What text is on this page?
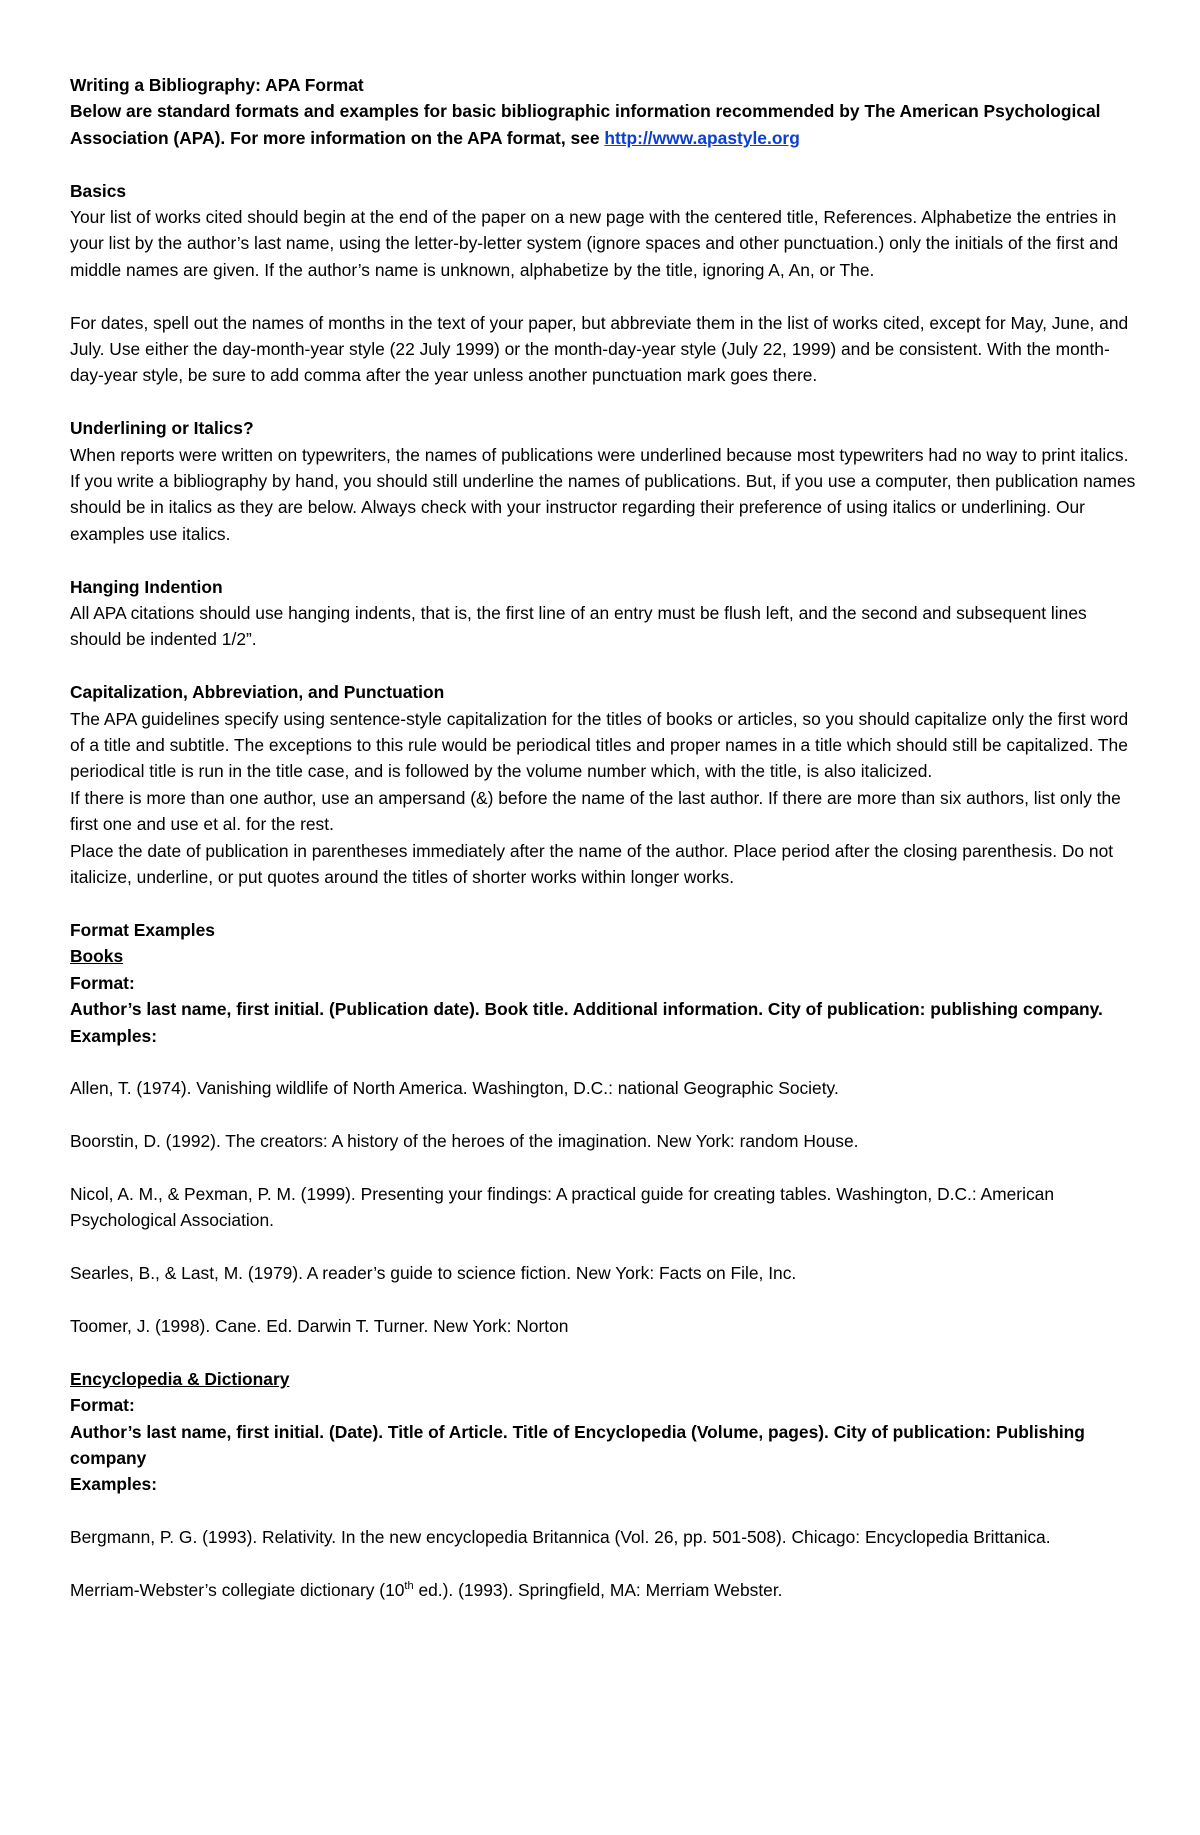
Writing a Bibliography: APA Format

Below are standard formats and examples for basic bibliographic information recommended by The American Psychological Association (APA). For more information on the APA format, see http://www.apastyle.org

Basics

Your list of works cited should begin at the end of the paper on a new page with the centered title, References. Alphabetize the entries in your list by the author’s last name, using the letter-by-letter system (ignore spaces and other punctuation.) only the initials of the first and middle names are given. If the author’s name is unknown, alphabetize by the title, ignoring A, An, or The.

For dates, spell out the names of months in the text of your paper, but abbreviate them in the list of works cited, except for May, June, and July. Use either the day-month-year style (22 July 1999) or the month-day-year style (July 22, 1999) and be consistent. With the month-day-year style, be sure to add comma after the year unless another punctuation mark goes there.

Underlining or Italics?

When reports were written on typewriters, the names of publications were underlined because most typewriters had no way to print italics. If you write a bibliography by hand, you should still underline the names of publications. But, if you use a computer, then publication names should be in italics as they are below. Always check with your instructor regarding their preference of using italics or underlining. Our examples use italics.

Hanging Indention

All APA citations should use hanging indents, that is, the first line of an entry must be flush left, and the second and subsequent lines should be indented 1/2”.

Capitalization, Abbreviation, and Punctuation

The APA guidelines specify using sentence-style capitalization for the titles of books or articles, so you should capitalize only the first word of a title and subtitle. The exceptions to this rule would be periodical titles and proper names in a title which should still be capitalized. The periodical title is run in the title case, and is followed by the volume number which, with the title, is also italicized.

If there is more than one author, use an ampersand (&) before the name of the last author. If there are more than six authors, list only the first one and use et al. for the rest.

Place the date of publication in parentheses immediately after the name of the author. Place period after the closing parenthesis. Do not italicize, underline, or put quotes around the titles of shorter works within longer works.

Format Examples

Books

Format:

Author’s last name, first initial. (Publication date). Book title. Additional information. City of publication: publishing company.

Examples:

Allen, T. (1974). Vanishing wildlife of North America. Washington, D.C.: national Geographic Society.

Boorstin, D. (1992). The creators: A history of the heroes of the imagination. New York: random House.

Nicol, A. M., & Pexman, P. M. (1999). Presenting your findings: A practical guide for creating tables. Washington, D.C.: American Psychological Association.

Searles, B., & Last, M. (1979). A reader’s guide to science fiction. New York: Facts on File, Inc.

Toomer, J. (1998). Cane. Ed. Darwin T. Turner. New York: Norton

Encyclopedia & Dictionary

Format:

Author’s last name, first initial. (Date). Title of Article. Title of Encyclopedia (Volume, pages). City of publication: Publishing company

Examples:

Bergmann, P. G. (1993). Relativity. In the new encyclopedia Britannica (Vol. 26, pp. 501-508). Chicago: Encyclopedia Brittanica.

Merriam-Webster’s collegiate dictionary (10th ed.). (1993). Springfield, MA: Merriam Webster.
